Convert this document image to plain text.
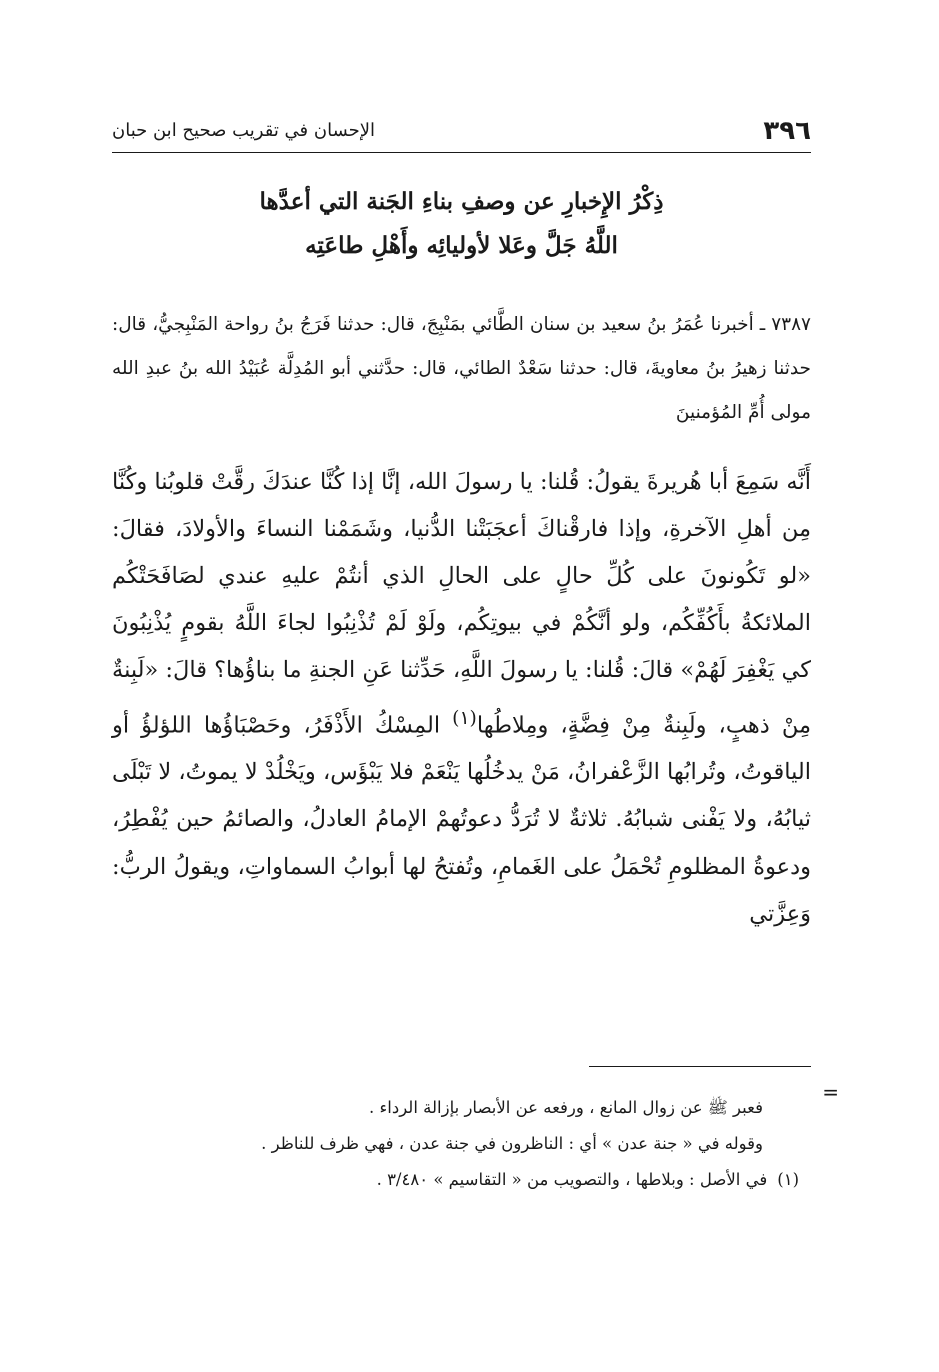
٣٩٦
الإحسان في تقريب صحيح ابن حبان
ذِكْرُ الإِخبارِ عن وصفِ بناءِ الجَنة التي أعدَّها
اللَّهُ جَلَّ وعَلا لأوليائِه وأَهْلِ طاعَتِه

٧٣٨٧ ـ أخبرنا عُمَرُ بنُ سعيد بن سنان الطَّائي بمَنْبِجَ، قال: حدثنا فَرَجُ بنُ رواحة المَنْبِجيُّ، قال: حدثنا زهيرُ بنُ معاويةَ، قال: حدثنا سَعْدٌ الطائي، قال: حدَّثني أبو المُدِلَّة عُبَيْدُ الله بنُ عبدِ الله مولى أُمِّ المُؤمنينَ

أَنَّه سَمِعَ أبا هُريرةَ يقولُ: قُلنا: يا رسولَ الله، إنَّا إذا كُنَّا عندَكَ رقَّتْ قلوبُنا وكُنَّا مِن أهلِ الآخرةِ، وإذا فارقْناكَ أعجَبَتْنا الدُّنيا، وشَمَمْنا النساءَ والأولادَ، فقالَ: «لو تَكُونونَ على كُلِّ حالٍ على الحالِ الذي أنتُمْ عليهِ عندي لصَافَحَتْكُم الملائكةُ بأَكُفِّكُم، ولو أنَّكُمْ في بيوتِكُم، ولَوْ لَمْ تُذْنِبُوا لجاءَ اللَّهُ بقومٍ يُذْنِبُونَ كي يَغْفِرَ لَهُمْ» قالَ: قُلنا: يا رسولَ اللَّهِ، حَدِّثنا عَنِ الجنةِ ما بناؤُها؟ قالَ: «لَبِنةٌ مِنْ ذهبٍ، ولَبِنةٌ مِنْ فِضَّةٍ، ومِلاطُها$^{(١)}$ المِسْكُ الأَذْفَرُ، وحَصْبَاؤُها اللؤلؤُ أو الياقوتُ، وتُرابُها الزَّعْفرانُ، مَنْ يدخُلُها يَنْعَمْ فلا يَبْؤَس، ويَخْلُدْ لا يموتُ، لا تَبْلَى ثيابُهُ، ولا يَفْنى شبابُهُ. ثلاثةٌ لا تُرَدُّ دعوتُهمْ الإمامُ العادلُ، والصائمُ حين يُفْطِرُ، ودعوةُ المظلومِ تُحْمَلُ على الغَمامِ، وتُفتحُ لها أبوابُ السماواتِ، ويقولُ الربُّ: وَعِزَّتي

=

فعبر ﷺ عن زوال المانع ، ورفعه عن الأبصار بإزالة الرداء .

وقوله في « جنة عدن » أي : الناظرون في جنة عدن ، فهي ظرف للناظر .

(١)في الأصل : وبلاطها ، والتصويب من « التقاسيم » ٣/٤٨٠ .
